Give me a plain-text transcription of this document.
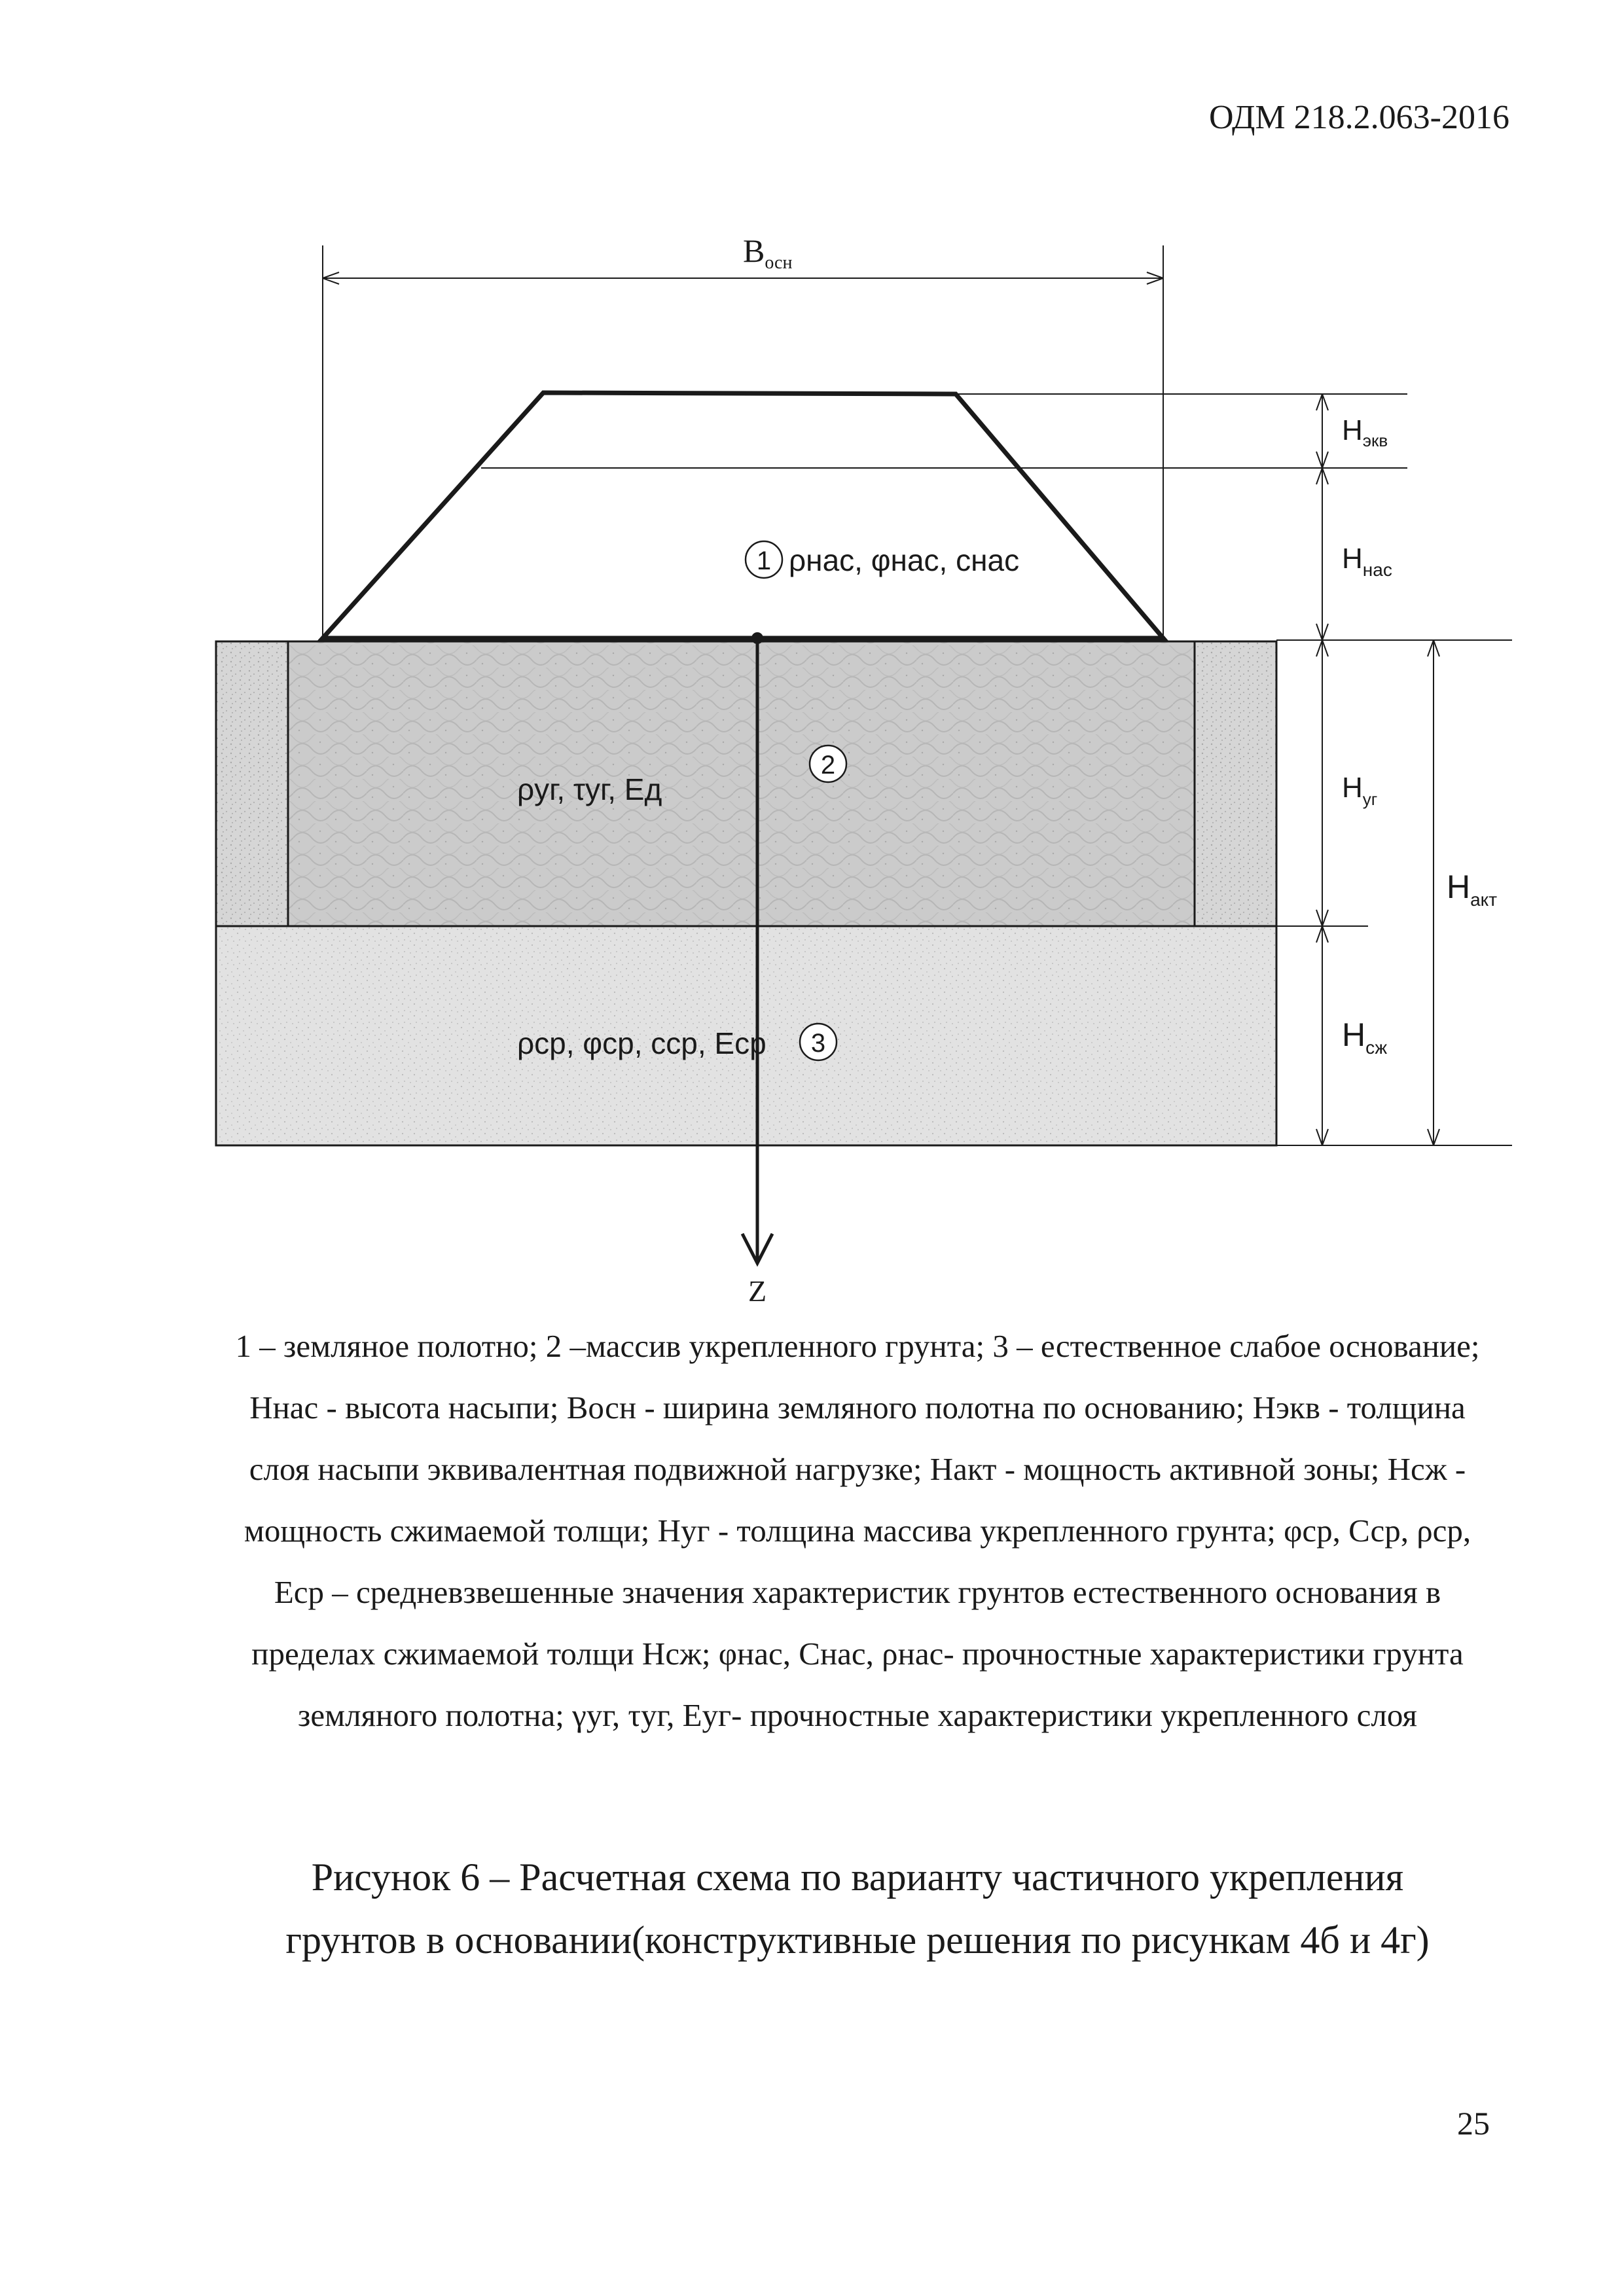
ОДМ 218.2.063-2016
$B_{осн}$
$H_{экв}$
$H_{нас}$
$H_{уг}$
$H_{сж}$
$H_{акт}$
1 ρнас, φнас, снас
2
ρуг, τуг, Eд
3
ρср, φср, сср, Eср
Z

1 – земляное полотно; 2 –массив укрепленного грунта; 3 – естественное слабое основание;

Hнас - высота насыпи; Bосн - ширина земляного полотна по основанию; Hэкв - толщина

слоя насыпи эквивалентная подвижной нагрузке; Hакт - мощность активной зоны; Hсж -

мощность сжимаемой толщи; Hуг - толщина массива укрепленного грунта; φср, Сср, ρср,

Eср – средневзвешенные значения характеристик грунтов естественного основания в

пределах сжимаемой толщи Hсж; φнас, Снас, ρнас- прочностные характеристики грунта

земляного полотна; γуг, τуг, Eуг- прочностные характеристики укрепленного слоя

Рисунок 6 – Расчетная схема по варианту частичного укрепления

грунтов в основании(конструктивные решения по рисункам 4б и 4г)

25
